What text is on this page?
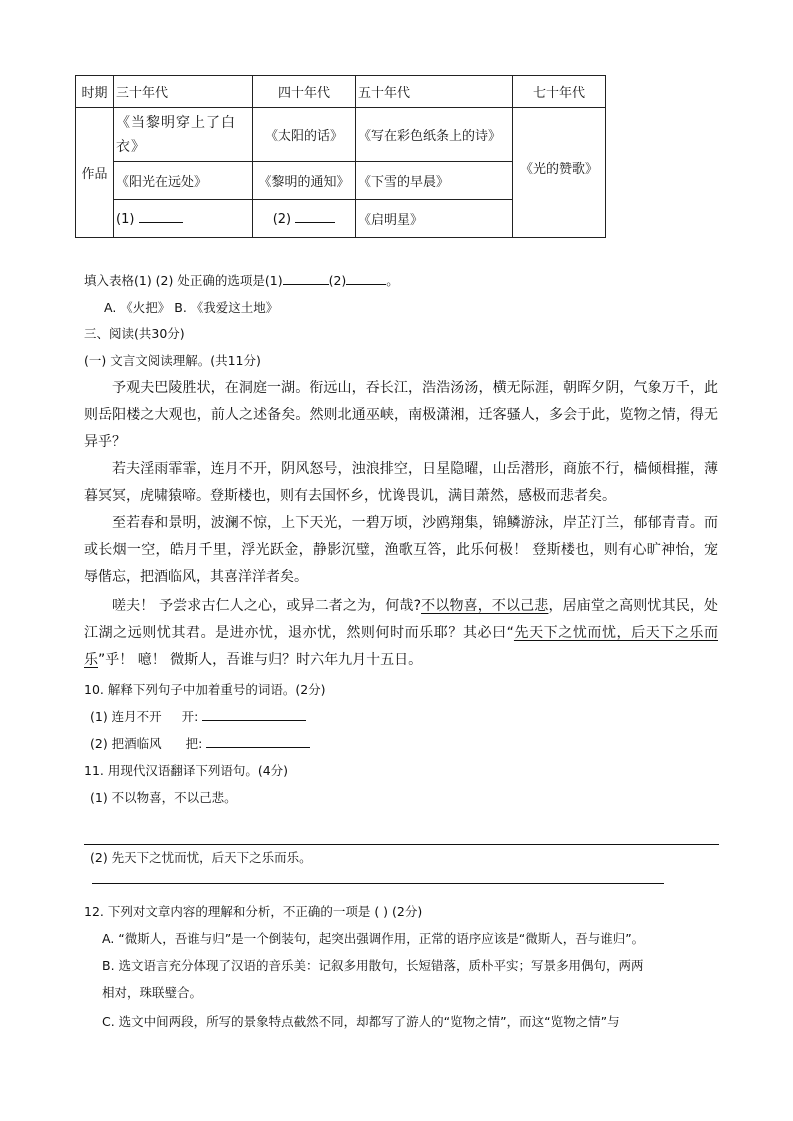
时期	三十年代	四十年代	五十年代	七十年代
作品	《当黎明穿上了白衣》	《太阳的话》	《写在彩色纸条上的诗》	《光的赞歌》
	《阳光在远处》	《黎明的通知》	《下雪的早晨》	
	(1)	(2)	《启明星》	
填入表格(1) (2) 处正确的选项是(1)	(2)	。
A. 《火把》 B. 《我爱这土地》
三、阅读(共30分)
(一) 文言文阅读理解。(共11分)
予观夫巴陵胜状，在洞庭一湖。衔远山，吞长江，浩浩汤汤，横无际涯，朝晖夕阴，气象万千，此则岳阳楼之大观也，前人之述备矣。然则北通巫峡，南极潇湘，迁客骚人，多会于此，览物之情，得无异乎？
若夫淫雨霏霏，连月不开，阴风怒号，浊浪排空，日星隐曜，山岳潜形，商旅不行，樯倾楫摧，薄暮冥冥，虎啸猿啼。登斯楼也，则有去国怀乡，忧谗畏讥，满目萧然，感极而悲者矣。
至若春和景明，波澜不惊，上下天光，一碧万顷，沙鸥翔集，锦鳞游泳，岸芷汀兰，郁郁青青。而或长烟一空，皓月千里，浮光跃金，静影沉璧，渔歌互答，此乐何极！ 登斯楼也，则有心旷神怡，宠辱偕忘，把酒临风，其喜洋洋者矣。
嗟夫！ 予尝求古仁人之心，或异二者之为，何哉?不以物喜，不以己悲，居庙堂之高则忧其民，处江湖之远则忧其君。是进亦忧，退亦忧，然则何时而乐耶？其必曰“先天下之忧而忧，后天下之乐而乐”乎！ 噫！ 微斯人，吾谁与归？时六年九月十五日。
10. 解释下列句子中加着重号的词语。(2分)
(1) 连月不开 开:
(2) 把酒临风 把:
11. 用现代汉语翻译下列语句。(4分)
(1) 不以物喜，不以己悲。
(2) 先天下之忧而忧，后天下之乐而乐。
12. 下列对文章内容的理解和分析，不正确的一项是 ( ) (2分)
A. “微斯人，吾谁与归”是一个倒装句，起突出强调作用，正常的语序应该是“微斯人，吾与谁归”。
B. 选文语言充分体现了汉语的音乐美：记叙多用散句，长短错落，质朴平实；写景多用偶句，两两
相对，珠联璧合。
C. 选文中间两段，所写的景象特点截然不同，却都写了游人的“览物之情”，而这“览物之情”与
